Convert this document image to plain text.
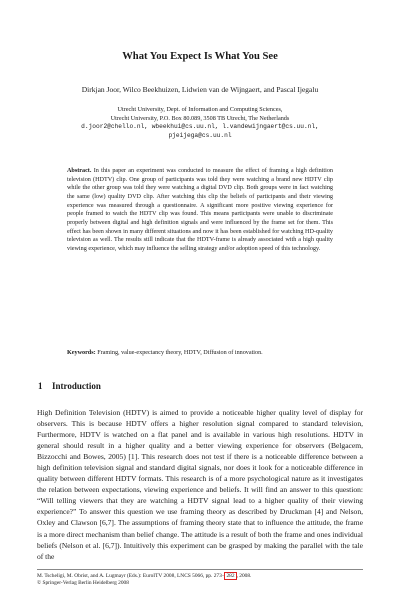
What You Expect Is What You See

Dirkjan Joor, Wilco Beekhuizen, Lidwien van de Wijngaert, and Pascal Ijegalu

Utrecht University, Dept. of Information and Computing Sciences,
Utrecht University, P.O. Box 80.089, 3508 TB Utrecht, The Netherlands
d.joor2@chello.nl, wbeekhui@cs.uu.nl, l.vandewijngaert@cs.uu.nl,
pjeijega@cs.uu.nl

Abstract. In this paper an experiment was conducted to measure the effect of framing a high definition television (HDTV) clip. One group of participants was told they were watching a brand new HDTV clip while the other group was told they were watching a digital DVD clip. Both groups were in fact watching the same (low) quality DVD clip. After watching this clip the beliefs of participants and their viewing experience was measured through a questionnaire. A significant more positive viewing experience for people framed to watch the HDTV clip was found. This means participants were unable to discriminate properly between digital and high definition signals and were influenced by the frame set for them. This effect has been shown in many different situations and now it has been established for watching HD-quality television as well. The results still indicate that the HDTV-frame is already associated with a high quality viewing experience, which may influence the selling strategy and/or adoption speed of this technology.

Keywords: Framing, value-expectancy theory, HDTV, Diffusion of innovation.

1 Introduction

High Definition Television (HDTV) is aimed to provide a noticeable higher quality level of display for observers. This is because HDTV offers a higher resolution signal compared to standard television, Furthermore, HDTV is watched on a flat panel and is available in various high resolutions. HDTV in general should result in a higher quality and a better viewing experience for observers (Belgacem, Bizzocchi and Bowes, 2005) [1]. This research does not test if there is a noticeable difference between a high definition television signal and standard digital signals, nor does it look for a noticeable difference in quality between different HDTV formats. This research is of a more psychological nature as it investigates the relation between expectations, viewing experience and beliefs. It will find an answer to this question: “Will telling viewers that they are watching a HDTV signal lead to a higher quality of their viewing experience?” To answer this question we use framing theory as described by Druckman [4] and Nelson, Oxley and Clawson [6,7]. The assumptions of framing theory state that to influence the attitude, the frame is a more direct mechanism than belief change. The attitude is a result of both the frame and ones individual beliefs (Nelson et al. [6,7]). Intuitively this experiment can be grasped by making the parallel with the tale of the

M. Tscheligi, M. Obrist, and A. Lugmayr (Eds.): EuroITV 2008, LNCS 5066, pp. 273– 282 , 2008.
© Springer-Verlag Berlin Heidelberg 2008
